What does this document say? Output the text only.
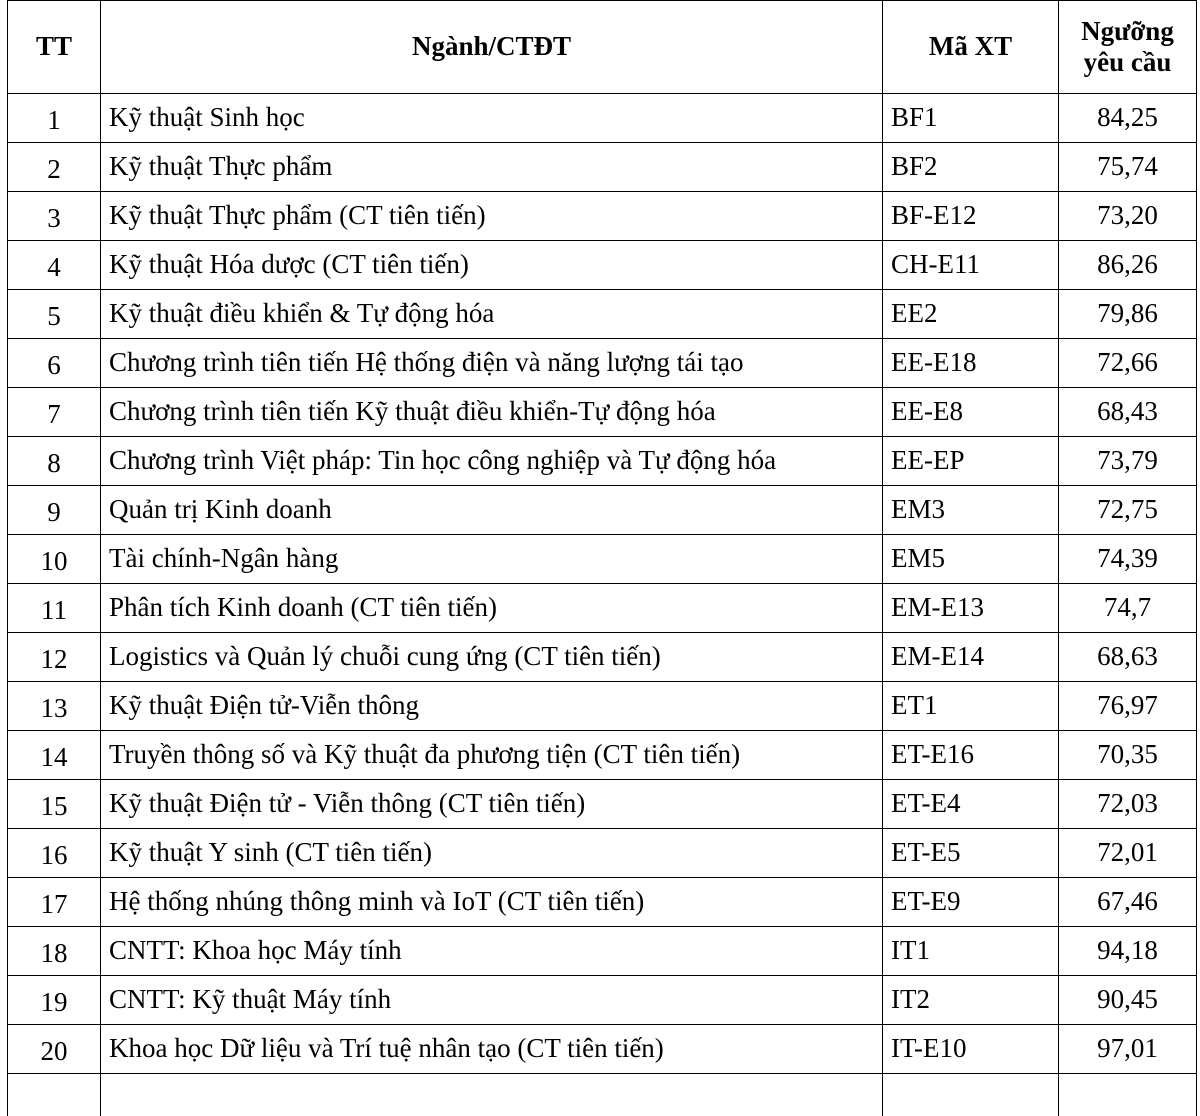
TT	Ngành/CTĐT	Mã XT	Ngưỡng
yêu cầu
1	Kỹ thuật Sinh học	BF1	84,25
2	Kỹ thuật Thực phẩm	BF2	75,74
3	Kỹ thuật Thực phẩm (CT tiên tiến)	BF-E12	73,20
4	Kỹ thuật Hóa dược (CT tiên tiến)	CH-E11	86,26
5	Kỹ thuật điều khiển & Tự động hóa	EE2	79,86
6	Chương trình tiên tiến Hệ thống điện và năng lượng tái tạo	EE-E18	72,66
7	Chương trình tiên tiến Kỹ thuật điều khiển-Tự động hóa	EE-E8	68,43
8	Chương trình Việt pháp: Tin học công nghiệp và Tự động hóa	EE-EP	73,79
9	Quản trị Kinh doanh	EM3	72,75
10	Tài chính-Ngân hàng	EM5	74,39
11	Phân tích Kinh doanh (CT tiên tiến)	EM-E13	74,7
12	Logistics và Quản lý chuỗi cung ứng (CT tiên tiến)	EM-E14	68,63
13	Kỹ thuật Điện tử-Viễn thông	ET1	76,97
14	Truyền thông số và Kỹ thuật đa phương tiện (CT tiên tiến)	ET-E16	70,35
15	Kỹ thuật Điện tử - Viễn thông (CT tiên tiến)	ET-E4	72,03
16	Kỹ thuật Y sinh (CT tiên tiến)	ET-E5	72,01
17	Hệ thống nhúng thông minh và IoT (CT tiên tiến)	ET-E9	67,46
18	CNTT: Khoa học Máy tính	IT1	94,18
19	CNTT: Kỹ thuật Máy tính	IT2	90,45
20	Khoa học Dữ liệu và Trí tuệ nhân tạo (CT tiên tiến)	IT-E10	97,01
